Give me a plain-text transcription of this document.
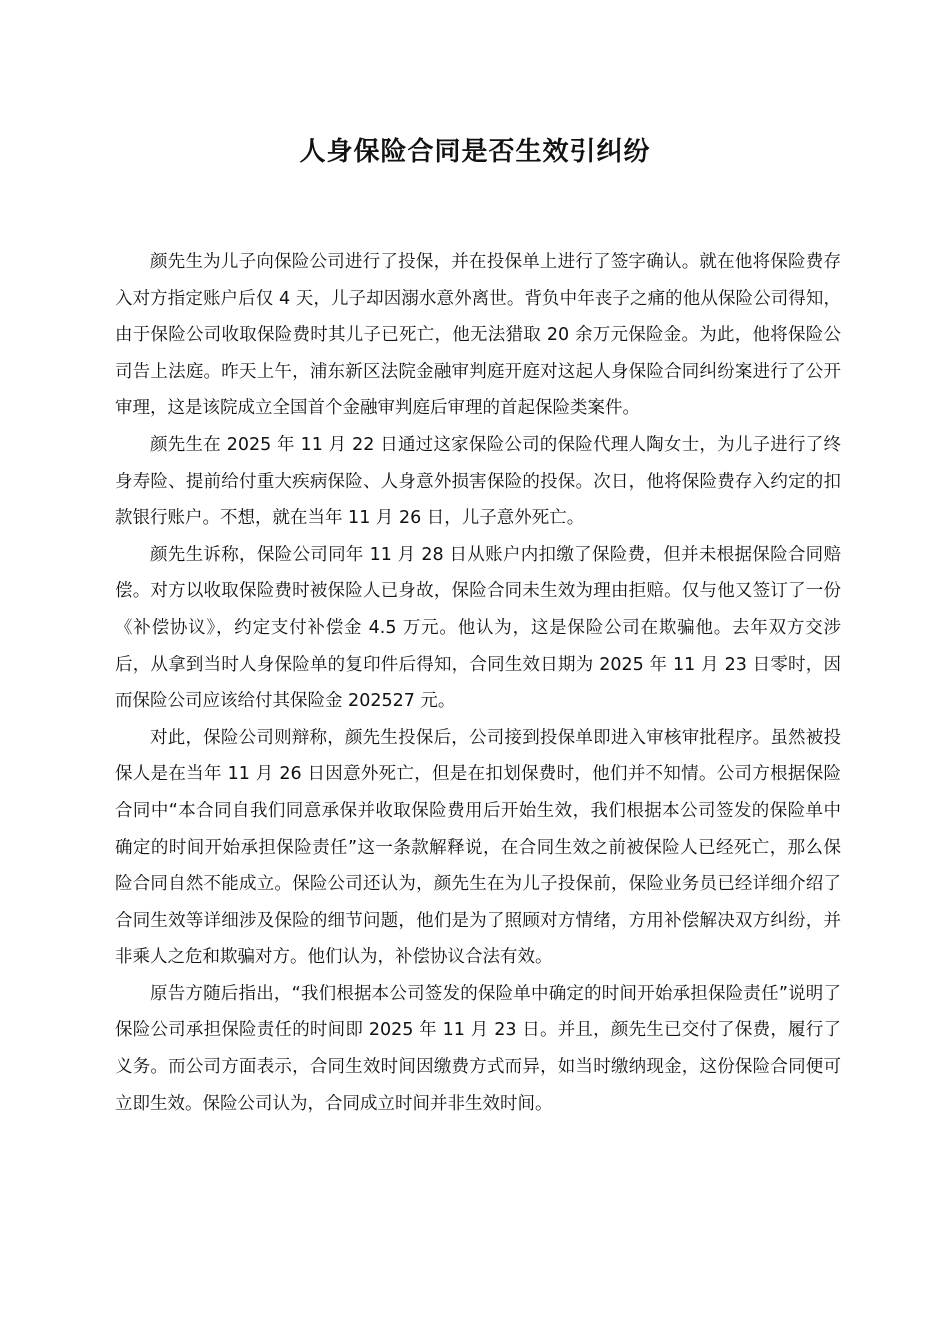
人身保险合同是否生效引纠纷

颜先生为儿子向保险公司进行了投保，并在投保单上进行了签字确认。就在他将保险费存入对方指定账户后仅 4 天，儿子却因溺水意外离世。背负中年丧子之痛的他从保险公司得知，由于保险公司收取保险费时其儿子已死亡，他无法猎取 20 余万元保险金。为此，他将保险公司告上法庭。昨天上午，浦东新区法院金融审判庭开庭对这起人身保险合同纠纷案进行了公开审理，这是该院成立全国首个金融审判庭后审理的首起保险类案件。

颜先生在 2025 年 11 月 22 日通过这家保险公司的保险代理人陶女士，为儿子进行了终身寿险、提前给付重大疾病保险、人身意外损害保险的投保。次日，他将保险费存入约定的扣款银行账户。不想，就在当年 11 月 26 日，儿子意外死亡。

颜先生诉称，保险公司同年 11 月 28 日从账户内扣缴了保险费，但并未根据保险合同赔偿。对方以收取保险费时被保险人已身故，保险合同未生效为理由拒赔。仅与他又签订了一份《补偿协议》，约定支付补偿金 4.5 万元。他认为，这是保险公司在欺骗他。去年双方交涉后，从拿到当时人身保险单的复印件后得知，合同生效日期为 2025 年 11 月 23 日零时，因而保险公司应该给付其保险金 202527 元。

对此，保险公司则辩称，颜先生投保后，公司接到投保单即进入审核审批程序。虽然被投保人是在当年 11 月 26 日因意外死亡，但是在扣划保费时，他们并不知情。公司方根据保险合同中“本合同自我们同意承保并收取保险费用后开始生效，我们根据本公司签发的保险单中确定的时间开始承担保险责任”这一条款解释说，在合同生效之前被保险人已经死亡，那么保险合同自然不能成立。保险公司还认为，颜先生在为儿子投保前，保险业务员已经详细介绍了合同生效等详细涉及保险的细节问题，他们是为了照顾对方情绪，方用补偿解决双方纠纷，并非乘人之危和欺骗对方。他们认为，补偿协议合法有效。

原告方随后指出，“我们根据本公司签发的保险单中确定的时间开始承担保险责任”说明了保险公司承担保险责任的时间即 2025 年 11 月 23 日。并且，颜先生已交付了保费，履行了义务。而公司方面表示，合同生效时间因缴费方式而异，如当时缴纳现金，这份保险合同便可立即生效。保险公司认为，合同成立时间并非生效时间。
